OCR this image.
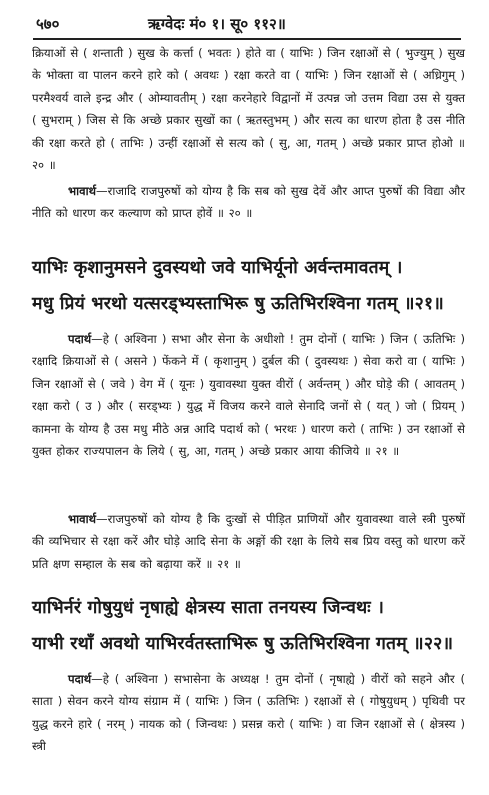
५७०	ऋग्वेदः मं० १। सू० ११२॥
क्रियाओं से ( शन्ताती ) सुख के कर्त्ता ( भवतः ) होते वा ( याभिः ) जिन रक्षाओं से ( भुज्युम् ) सुख के भोक्ता वा पालन करने हारे को ( अवथः ) रक्षा करते वा ( याभिः ) जिन रक्षाओं से ( अध्रिगुम् ) परमैश्वर्य वाले इन्द्र और ( ओम्यावतीम् ) रक्षा करनेहारे विद्वानों में उत्पन्न जो उत्तम विद्या उस से युक्त ( सुभराम् ) जिस से कि अच्छे प्रकार सुखों का ( ऋतस्तुभम् ) और सत्य का धारण होता है उस नीति की रक्षा करते हो ( ताभिः ) उन्हीं रक्षाओं से सत्य को ( सु, आ, गतम् ) अच्छे प्रकार प्राप्त होओ ॥ २० ॥
भावार्थ—राजादि राजपुरुषों को योग्य है कि सब को सुख देवें और आप्त पुरुषों की विद्या और नीति को धारण कर कल्याण को प्राप्त होवें ॥ २० ॥
याभिः कृशानुमसने दुवस्यथो जवे याभिर्यूनो अर्वन्तमावतम् ।
मधु प्रियं भरथो यत्सरड्भ्यस्ताभिरू षु ऊतिभिरश्विना गतम् ॥२१॥
पदार्थ—हे ( अश्विना ) सभा और सेना के अधीशो ! तुम दोनों ( याभिः ) जिन ( ऊतिभिः ) रक्षादि क्रियाओं से ( असने ) फेंकने में ( कृशानुम् ) दुर्बल की ( दुवस्यथः ) सेवा करो वा ( याभिः ) जिन रक्षाओं से ( जवे ) वेग में ( यूनः ) युवावस्था युक्त वीरों ( अर्वन्तम् ) और घोड़े की ( आवतम् ) रक्षा करो ( उ ) और ( सरड्भ्यः ) युद्ध में विजय करने वाले सेनादि जनों से ( यत् ) जो ( प्रियम् ) कामना के योग्य है उस मधु मीठे अन्न आदि पदार्थ को ( भरथः ) धारण करो ( ताभिः ) उन रक्षाओं से युक्त होकर राज्यपालन के लिये ( सु, आ, गतम् ) अच्छे प्रकार आया कीजिये ॥ २१ ॥
भावार्थ—राजपुरुषों को योग्य है कि दुःखों से पीड़ित प्राणियों और युवावस्था वाले स्त्री पुरुषों की व्यभिचार से रक्षा करें और घोड़े आदि सेना के अङ्गों की रक्षा के लिये सब प्रिय वस्तु को धारण करें प्रति क्षण सम्हाल के सब को बढ़ाया करें ॥ २१ ॥
याभिर्नरं गोषुयुधं नृषाह्ये क्षेत्रस्य साता तनयस्य जिन्वथः ।
याभी रथाँ अवथो याभिरर्वतस्ताभिरू षु ऊतिभिरश्विना गतम् ॥२२॥
पदार्थ—हे ( अश्विना ) सभासेना के अध्यक्ष ! तुम दोनों ( नृषाह्ये ) वीरों को सहने और ( साता ) सेवन करने योग्य संग्राम में ( याभिः ) जिन ( ऊतिभिः ) रक्षाओं से ( गोषुयुधम् ) पृथिवी पर युद्ध करने हारे ( नरम् ) नायक को ( जिन्वथः ) प्रसन्न करो ( याभिः ) वा जिन रक्षाओं से ( क्षेत्रस्य ) स्त्री
